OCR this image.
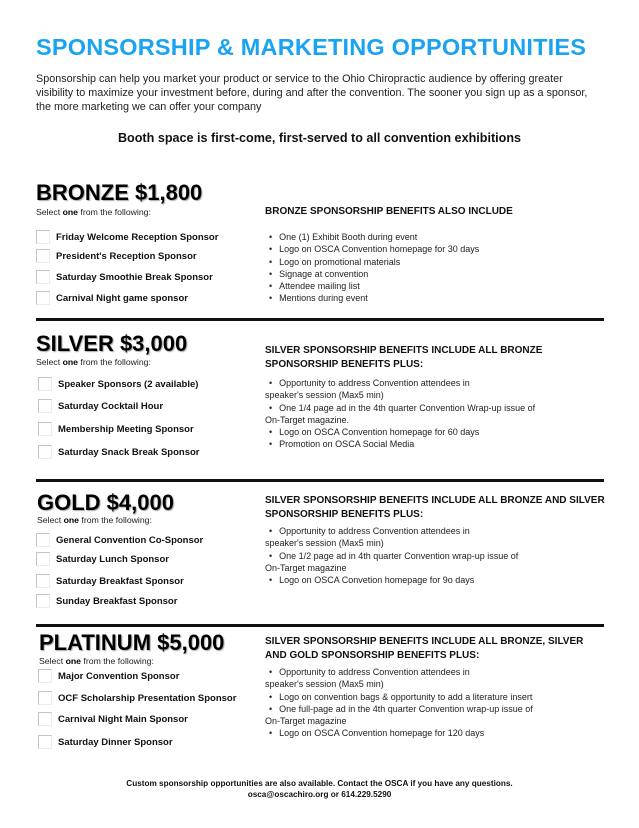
SPONSORSHIP & MARKETING OPPORTUNITIES
Sponsorship can help you market your product or service to the Ohio Chiropractic audience by offering greater visibility to maximize your investment before, during and after the convention. The sooner you sign up as a sponsor, the more marketing we can offer your company
Booth space is first-come, first-served to all convention exhibitions
BRONZE $1,800
Select one from the following:
Friday Welcome Reception Sponsor
President's Reception Sponsor
Saturday Smoothie Break Sponsor
Carnival Night game sponsor
BRONZE SPONSORSHIP BENEFITS ALSO INCLUDE
• One (1) Exhibit Booth during event
• Logo on OSCA Convention homepage for 30 days
• Logo on promotional materials
• Signage at convention
• Attendee mailing list
• Mentions during event
SILVER $3,000
Select one from the following:
Speaker Sponsors (2 available)
Saturday Cocktail Hour
Membership Meeting Sponsor
Saturday Snack Break Sponsor
SILVER SPONSORSHIP BENEFITS INCLUDE ALL BRONZE SPONSORSHIP BENEFITS PLUS:
• Opportunity to address Convention attendees in
speaker's session (Max5 min)
• One 1/4 page ad in the 4th quarter Convention Wrap-up issue of
On-Target magazine.
• Logo on OSCA Convention homepage for 60 days
• Promotion on OSCA Social Media
GOLD $4,000
Select one from the following:
General Convention Co-Sponsor
Saturday Lunch Sponsor
Saturday Breakfast Sponsor
Sunday Breakfast Sponsor
SILVER SPONSORSHIP BENEFITS INCLUDE ALL BRONZE AND SILVER SPONSORSHIP BENEFITS PLUS:
• Opportunity to address Convention attendees in
speaker's session (Max5 min)
• One 1/2 page ad in 4th quarter Convention wrap-up issue of
On-Target magazine
• Logo on OSCA Convetion homepage for 9o days
PLATINUM $5,000
Select one from the following:
Major Convention Sponsor
OCF Scholarship Presentation Sponsor
Carnival Night Main Sponsor
Saturday Dinner Sponsor
SILVER SPONSORSHIP BENEFITS INCLUDE ALL BRONZE, SILVER AND GOLD SPONSORSHIP BENEFITS PLUS:
• Opportunity to address Convention attendees in
speaker's session (Max5 min)
• Logo on convention bags & opportunity to add a literature insert
• One full-page ad in the 4th quarter Convention wrap-up issue of
On-Target magazine
• Logo on OSCA Convention homepage for 120 days
Custom sponsorship opportunities are also available. Contact the OSCA if you have any questions.
osca@oscachiro.org or 614.229.5290
